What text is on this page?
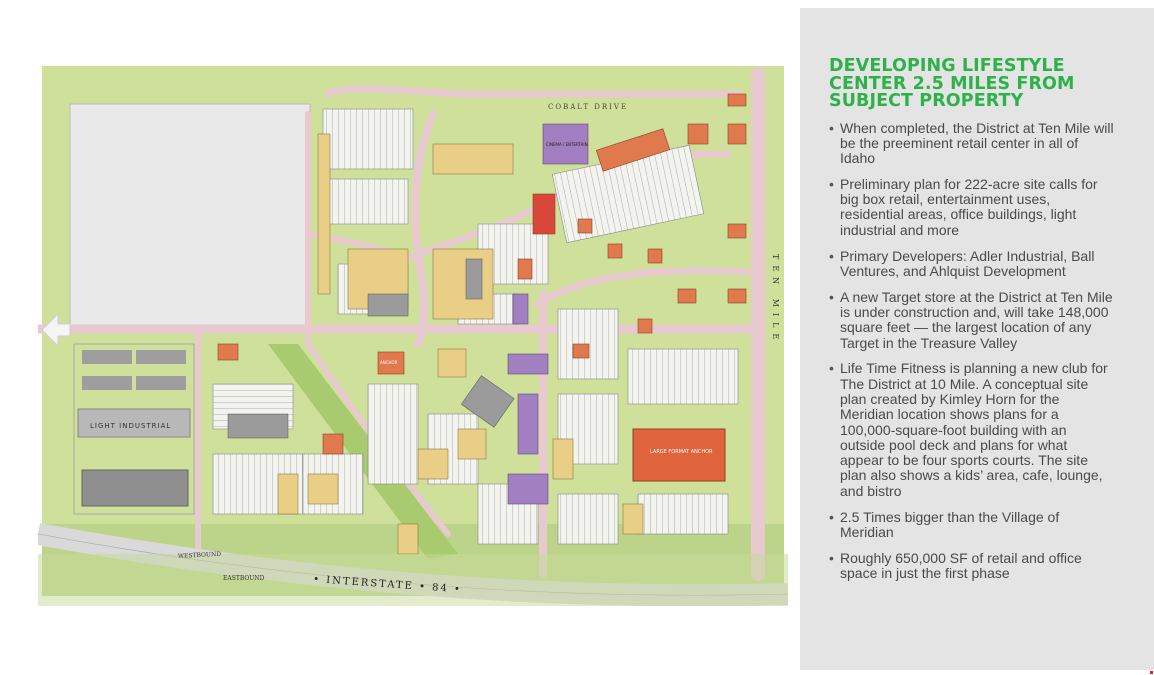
LIGHT INDUSTRIAL
CINEMA / ENTERTAIN.
LARGE FORMAT ANCHOR
ANCHOR
WESTBOUND
EASTBOUND	• INTERSTATE • 84 •
COBALT DRIVE
TEN MILE
DEVELOPING LIFESTYLE CENTER 2.5 MILES FROM SUBJECT PROPERTY
• When completed, the District at Ten Mile will be the preeminent retail center in all of Idaho
• Preliminary plan for 222-acre site calls for big box retail, entertainment uses, residential areas, office buildings, light industrial and more
• Primary Developers: Adler Industrial, Ball Ventures, and Ahlquist Development
• A new Target store at the District at Ten Mile is under construction and, will take 148,000 square feet — the largest location of any Target in the Treasure Valley
• Life Time Fitness is planning a new club for The District at 10 Mile. A conceptual site plan created by Kimley Horn for the Meridian location shows plans for a 100,000-square-foot building with an outside pool deck and plans for what appear to be four sports courts. The site plan also shows a kids’ area, cafe, lounge, and bistro
• 2.5 Times bigger than the Village of Meridian
• Roughly 650,000 SF of retail and office space in just the first phase
